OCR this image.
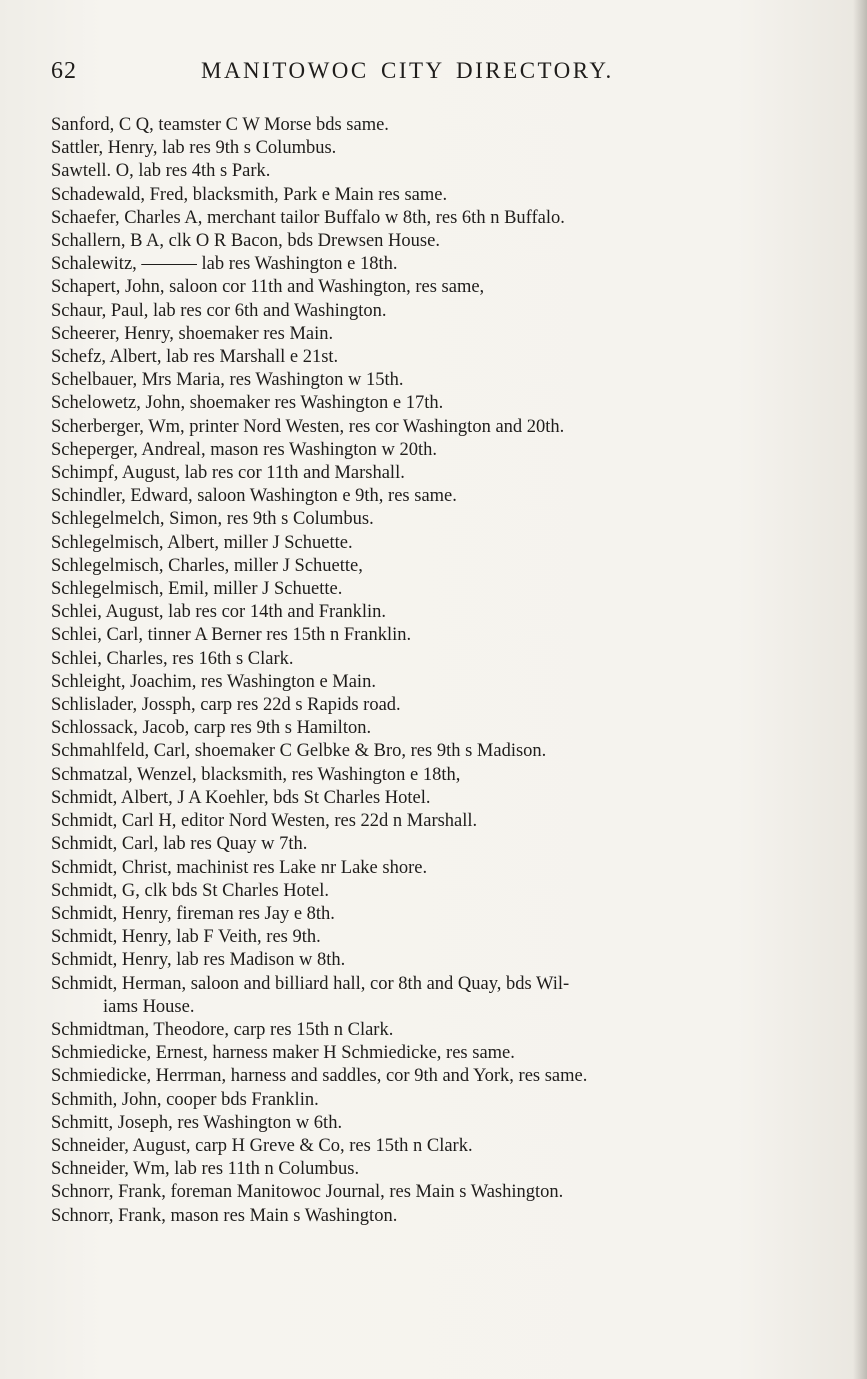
62	MANITOWOC CITY DIRECTORY.
Sanford, C Q, teamster C W Morse bds same.
Sattler, Henry, lab res 9th s Columbus.
Sawtell. O, lab res 4th s Park.
Schadewald, Fred, blacksmith, Park e Main res same.
Schaefer, Charles A, merchant tailor Buffalo w 8th, res 6th n Buffalo.
Schallern, B A, clk O R Bacon, bds Drewsen House.
Schalewitz, ——— lab res Washington e 18th.
Schapert, John, saloon cor 11th and Washington, res same,
Schaur, Paul, lab res cor 6th and Washington.
Scheerer, Henry, shoemaker res Main.
Schefz, Albert, lab res Marshall e 21st.
Schelbauer, Mrs Maria, res Washington w 15th.
Schelowetz, John, shoemaker res Washington e 17th.
Scherberger, Wm, printer Nord Westen, res cor Washington and 20th.
Scheperger, Andreal, mason res Washington w 20th.
Schimpf, August, lab res cor 11th and Marshall.
Schindler, Edward, saloon Washington e 9th, res same.
Schlegelmelch, Simon, res 9th s Columbus.
Schlegelmisch, Albert, miller J Schuette.
Schlegelmisch, Charles, miller J Schuette,
Schlegelmisch, Emil, miller J Schuette.
Schlei, August, lab res cor 14th and Franklin.
Schlei, Carl, tinner A Berner res 15th n Franklin.
Schlei, Charles, res 16th s Clark.
Schleight, Joachim, res Washington e Main.
Schlislader, Jossph, carp res 22d s Rapids road.
Schlossack, Jacob, carp res 9th s Hamilton.
Schmahlfeld, Carl, shoemaker C Gelbke & Bro, res 9th s Madison.
Schmatzal, Wenzel, blacksmith, res Washington e 18th,
Schmidt, Albert, J A Koehler, bds St Charles Hotel.
Schmidt, Carl H, editor Nord Westen, res 22d n Marshall.
Schmidt, Carl, lab res Quay w 7th.
Schmidt, Christ, machinist res Lake nr Lake shore.
Schmidt, G, clk bds St Charles Hotel.
Schmidt, Henry, fireman res Jay e 8th.
Schmidt, Henry, lab F Veith, res 9th.
Schmidt, Henry, lab res Madison w 8th.
Schmidt, Herman, saloon and billiard hall, cor 8th and Quay, bds Wil-
iams House.
Schmidtman, Theodore, carp res 15th n Clark.
Schmiedicke, Ernest, harness maker H Schmiedicke, res same.
Schmiedicke, Herrman, harness and saddles, cor 9th and York, res same.
Schmith, John, cooper bds Franklin.
Schmitt, Joseph, res Washington w 6th.
Schneider, August, carp H Greve & Co, res 15th n Clark.
Schneider, Wm, lab res 11th n Columbus.
Schnorr, Frank, foreman Manitowoc Journal, res Main s Washington.
Schnorr, Frank, mason res Main s Washington.
